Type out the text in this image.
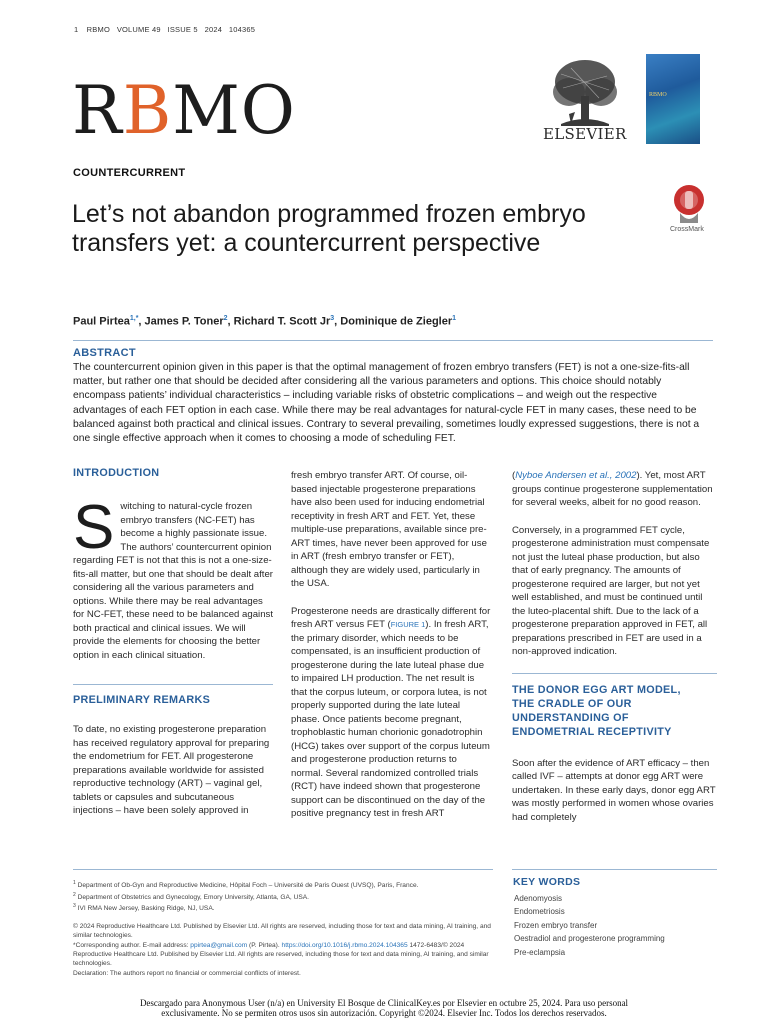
1 RBMO   VOLUME 49   ISSUE 5   2024   104365
RBMO	ELSEVIER
RBMO
CrossMark
COUNTERCURRENT
Let’s not abandon programmed frozen embryo transfers yet: a countercurrent perspective
Paul Pirtea$^{1,*}$, James P. Toner$^2$, Richard T. Scott Jr$^3$, Dominique de Ziegler$^1$
ABSTRACT
The countercurrent opinion given in this paper is that the optimal management of frozen embryo transfers (FET) is not a one-size-fits-all matter, but rather one that should be decided after considering all the various parameters and options. This choice should notably encompass patients’ individual characteristics – including variable risks of obstetric complications – and weigh out the respective advantages of each FET option in each case. While there may be real advantages for natural-cycle FET in many cases, these need to be balanced against both practical and clinical issues. Contrary to several prevailing, sometimes loudly expressed suggestions, there is not a one single effective approach when it comes to choosing a mode of scheduling FET.
INTRODUCTION

Switching to natural-cycle frozen embryo transfers (NC-FET) has become a highly passionate issue. The authors’ countercurrent opinion regarding FET is not that this is not a one-size-fits-all matter, but one that should be dealt after considering all the various parameters and options. While there may be real advantages for NC-FET, these need to be balanced against both practical and clinical issues. We will provide the elements for choosing the better option in each clinical situation.

PRELIMINARY REMARKS

To date, no existing progesterone preparation has received regulatory approval for preparing the endometrium for FET. All progesterone preparations available worldwide for assisted reproductive technology (ART) – vaginal gel, tablets or capsules and subcutaneous injections – have been solely approved in

fresh embryo transfer ART. Of course, oil-based injectable progesterone preparations have also been used for inducing endometrial receptivity in fresh ART and FET. Yet, these multiple-use preparations, available since pre-ART times, have never been approved for use in ART (fresh embryo transfer or FET), although they are widely used, particularly in the USA.

Progesterone needs are drastically different for fresh ART versus FET (FIGURE 1). In fresh ART, the primary disorder, which needs to be compensated, is an insufficient production of progesterone during the late luteal phase due to impaired LH production. The net result is that the corpus luteum, or corpora lutea, is not properly supported during the late luteal phase. Once patients become pregnant, trophoblastic human chorionic gonadotrophin (HCG) takes over support of the corpus luteum and progesterone production returns to normal. Several randomized controlled trials (RCT) have indeed shown that progesterone support can be discontinued on the day of the positive pregnancy test in fresh ART

(Nyboe Andersen et al., 2002). Yet, most ART groups continue progesterone supplementation for several weeks, albeit for no good reason.

Conversely, in a programmed FET cycle, progesterone administration must compensate not just the luteal phase production, but also that of early pregnancy. The amounts of progesterone required are larger, but not yet well established, and must be continued until the luteo-placental shift. Due to the lack of a progesterone preparation approved in FET, all preparations prescribed in FET are used in a non-approved indication.

THE DONOR EGG ART MODEL, THE CRADLE OF OUR UNDERSTANDING OF ENDOMETRIAL RECEPTIVITY

Soon after the evidence of ART efficacy – then called IVF – attempts at donor egg ART were undertaken. In these early days, donor egg ART was mostly performed in women whose ovaries had completely

$^1$ Department of Ob-Gyn and Reproductive Medicine, Hôpital Foch – Université de Paris Ouest (UVSQ), Paris, France.
$^2$ Department of Obstetrics and Gynecology, Emory University, Atlanta, GA, USA.
$^3$ IVI RMA New Jersey, Basking Ridge, NJ, USA.
© 2024 Reproductive Healthcare Ltd. Published by Elsevier Ltd. All rights are reserved, including those for text and data mining, AI training, and similar technologies.
*Corresponding author. E-mail address: ppirtea@gmail.com (P. Pirtea). https://doi.org/10.1016/j.rbmo.2024.104365 1472-6483/© 2024 Reproductive Healthcare Ltd. Published by Elsevier Ltd. All rights are reserved, including those for text and data mining, AI training, and similar technologies.
Declaration: The authors report no financial or commercial conflicts of interest.
KEY WORDS
Adenomyosis
Endometriosis
Frozen embryo transfer
Oestradiol and progesterone programming
Pre-eclampsia
Descargado para Anonymous User (n/a) en University El Bosque de ClinicalKey.es por Elsevier en octubre 25, 2024. Para uso personal
exclusivamente. No se permiten otros usos sin autorización. Copyright ©2024. Elsevier Inc. Todos los derechos reservados.
